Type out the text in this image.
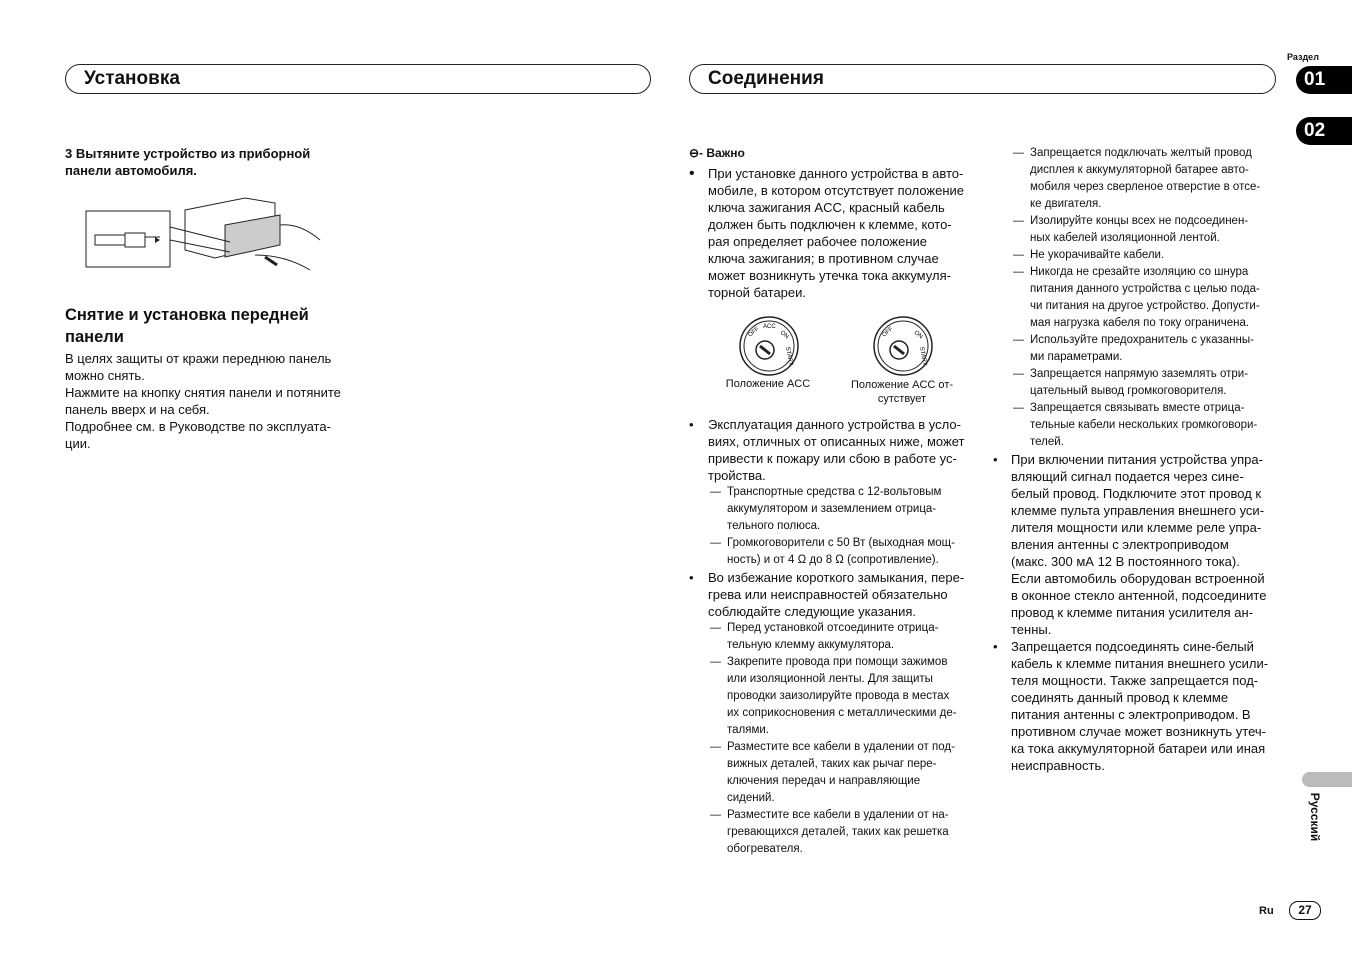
Установка	Соединения
Раздел
01
02
Русский
Ru	27
3 Вытяните устройство из приборной
панели автомобиля.
Снятие и установка передней
панели
В целях защиты от кражи переднюю панель
можно снять.
Нажмите на кнопку снятия панели и потяните
панель вверх и на себя.
Подробнее см. в Руководстве по эксплуата-
ции.
⊖- Важно
• При установке данного устройства в авто-
мобиле, в котором отсутствует положение
ключа зажигания ACC, красный кабель
должен быть подключен к клемме, кото-
рая определяет рабочее положение
ключа зажигания; в противном случае
может возникнуть утечка тока аккумуля-
торной батареи.
OFF ACC
ON
START
OFF	ON
START
Положение ACC	Положение ACC от-
сутствует
• Эксплуатация данного устройства в усло-
виях, отличных от описанных ниже, может
привести к пожару или сбою в работе ус-
тройства.
— Транспортные средства с 12-вольтовым
аккумулятором и заземлением отрица-
тельного полюса.
— Громкоговорители с 50 Вт (выходная мощ-
ность) и от 4 Ω до 8 Ω (сопротивление).
• Во избежание короткого замыкания, пере-
грева или неисправностей обязательно
соблюдайте следующие указания.
— Перед установкой отсоедините отрица-
тельную клемму аккумулятора.
— Закрепите провода при помощи зажимов
или изоляционной ленты. Для защиты
проводки заизолируйте провода в местах
их соприкосновения с металлическими де-
талями.
— Разместите все кабели в удалении от под-
вижных деталей, таких как рычаг пере-
ключения передач и направляющие
сидений.
— Разместите все кабели в удалении от на-
гревающихся деталей, таких как решетка
обогревателя.
— Запрещается подключать желтый провод
дисплея к аккумуляторной батарее авто-
мобиля через сверленое отверстие в отсе-
ке двигателя.
— Изолируйте концы всех не подсоединен-
ных кабелей изоляционной лентой.
— Не укорачивайте кабели.
— Никогда не срезайте изоляцию со шнура
питания данного устройства с целью пода-
чи питания на другое устройство. Допусти-
мая нагрузка кабеля по току ограничена.
— Используйте предохранитель с указанны-
ми параметрами.
— Запрещается напрямую заземлять отри-
цательный вывод громкоговорителя.
— Запрещается связывать вместе отрица-
тельные кабели нескольких громкоговори-
телей.
• При включении питания устройства упра-
вляющий сигнал подается через сине-
белый провод. Подключите этот провод к
клемме пульта управления внешнего уси-
лителя мощности или клемме реле упра-
вления антенны с электроприводом
(макс. 300 мА 12 В постоянного тока).
Если автомобиль оборудован встроенной
в оконное стекло антенной, подсоедините
провод к клемме питания усилителя ан-
тенны.
• Запрещается подсоединять сине-белый
кабель к клемме питания внешнего усили-
теля мощности. Также запрещается под-
соединять данный провод к клемме
питания антенны с электроприводом. В
противном случае может возникнуть утеч-
ка тока аккумуляторной батареи или иная
неисправность.
